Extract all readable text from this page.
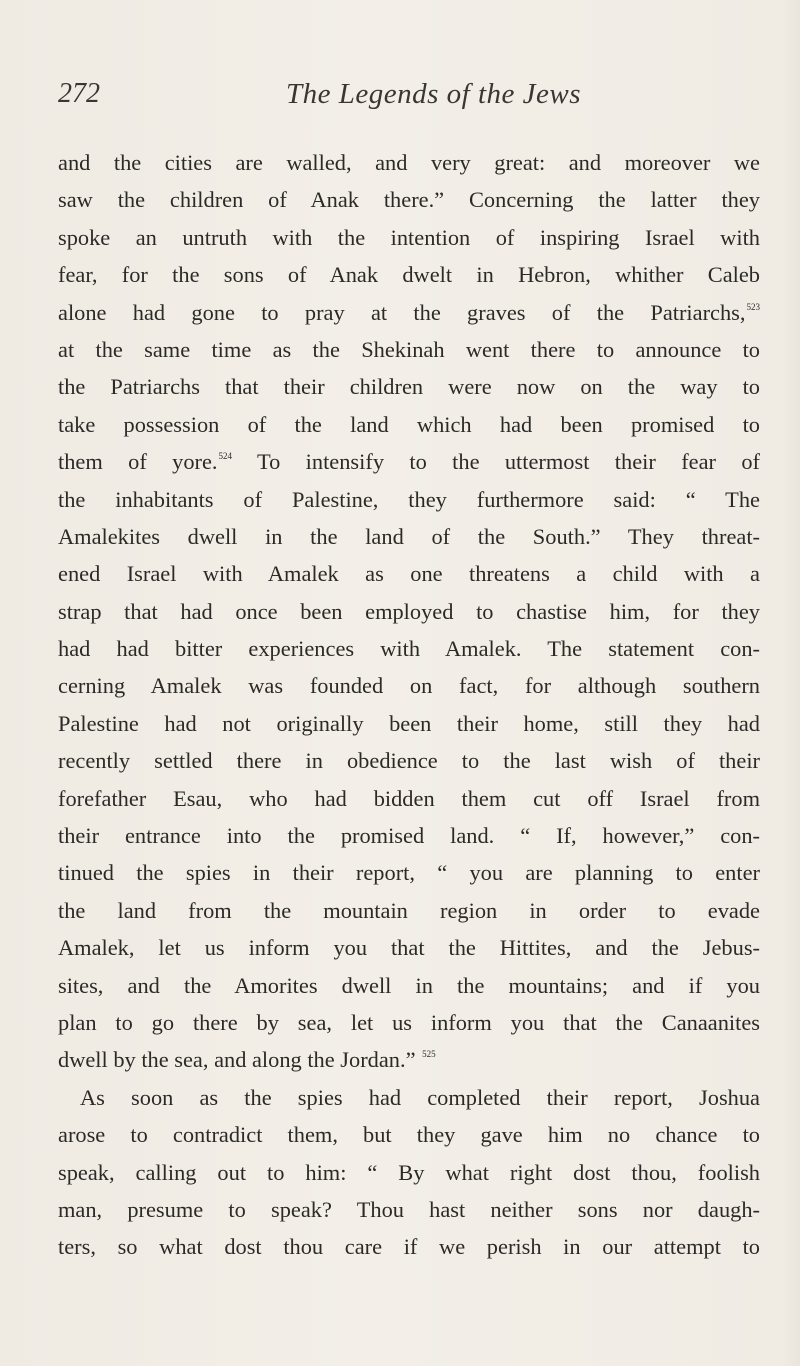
272	The Legends of the Jews
and the cities are walled, and very great: and moreover we
saw the children of Anak there.” Concerning the latter they
spoke an untruth with the intention of inspiring Israel with
fear, for the sons of Anak dwelt in Hebron, whither Caleb
alone had gone to pray at the graves of the Patriarchs,$^{523}$
at the same time as the Shekinah went there to announce to
the Patriarchs that their children were now on the way to
take possession of the land which had been promised to
them of yore.$^{524}$ To intensify to the uttermost their fear of
the inhabitants of Palestine, they furthermore said: “ The
Amalekites dwell in the land of the South.” They threat-
ened Israel with Amalek as one threatens a child with a
strap that had once been employed to chastise him, for they
had had bitter experiences with Amalek. The statement con-
cerning Amalek was founded on fact, for although southern
Palestine had not originally been their home, still they had
recently settled there in obedience to the last wish of their
forefather Esau, who had bidden them cut off Israel from
their entrance into the promised land. “ If, however,” con-
tinued the spies in their report, “ you are planning to enter
the land from the mountain region in order to evade
Amalek, let us inform you that the Hittites, and the Jebus-
sites, and the Amorites dwell in the mountains; and if you
plan to go there by sea, let us inform you that the Canaanites
dwell by the sea, and along the Jordan.” $^{525}$
As soon as the spies had completed their report, Joshua
arose to contradict them, but they gave him no chance to
speak, calling out to him: “ By what right dost thou, foolish
man, presume to speak? Thou hast neither sons nor daugh-
ters, so what dost thou care if we perish in our attempt to
